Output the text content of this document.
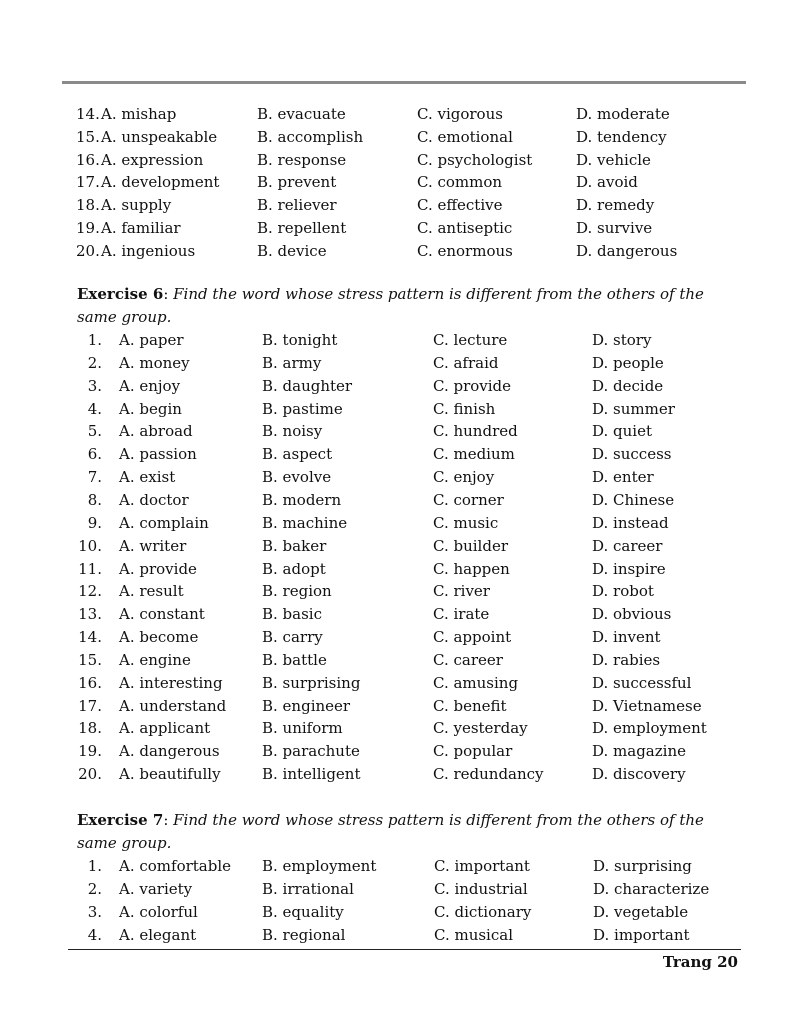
14. A. mishap	B. evacuate	C. vigorous	D. moderate
15. A. unspeakable	B. accomplish	C. emotional	D. tendency
16. A. expression	B. response	C. psychologist	D. vehicle
17. A. development	B. prevent	C. common	D. avoid
18. A. supply	B. reliever	C. effective	D. remedy
19. A. familiar	B. repellent	C. antiseptic	D. survive
20. A. ingenious	B. device	C. enormous	D. dangerous
Exercise 6: Find the word whose stress pattern is different from the others of the same group.
1. A. paper	B. tonight	C. lecture	D. story
2. A. money	B. army	C. afraid	D. people
3. A. enjoy	B. daughter	C. provide	D. decide
4. A. begin	B. pastime	C. finish	D. summer
5. A. abroad	B. noisy	C. hundred	D. quiet
6. A. passion	B. aspect	C. medium	D. success
7. A. exist	B. evolve	C. enjoy	D. enter
8. A. doctor	B. modern	C. corner	D. Chinese
9. A. complain	B. machine	C. music	D. instead
10. A. writer	B. baker	C. builder	D. career
11. A. provide	B. adopt	C. happen	D. inspire
12. A. result	B. region	C. river	D. robot
13. A. constant	B. basic	C. irate	D. obvious
14. A. become	B. carry	C. appoint	D. invent
15. A. engine	B. battle	C. career	D. rabies
16. A. interesting	B. surprising	C. amusing	D. successful
17. A. understand B. engineer	C. benefit	D. Vietnamese
18. A. applicant	B. uniform	C. yesterday	D. employment
19. A. dangerous	B. parachute	C. popular	D. magazine
20. A. beautifully	B. intelligent	C. redundancy	D. discovery
Exercise 7: Find the word whose stress pattern is different from the others of the same group.
1. A. comfortable B. employment	C. important	D. surprising
2. A. variety	B. irrational	C. industrial	D. characterize
3. A. colorful	B. equality	C. dictionary	D. vegetable
4. A. elegant	B. regional	C. musical	D. important
Trang 20
